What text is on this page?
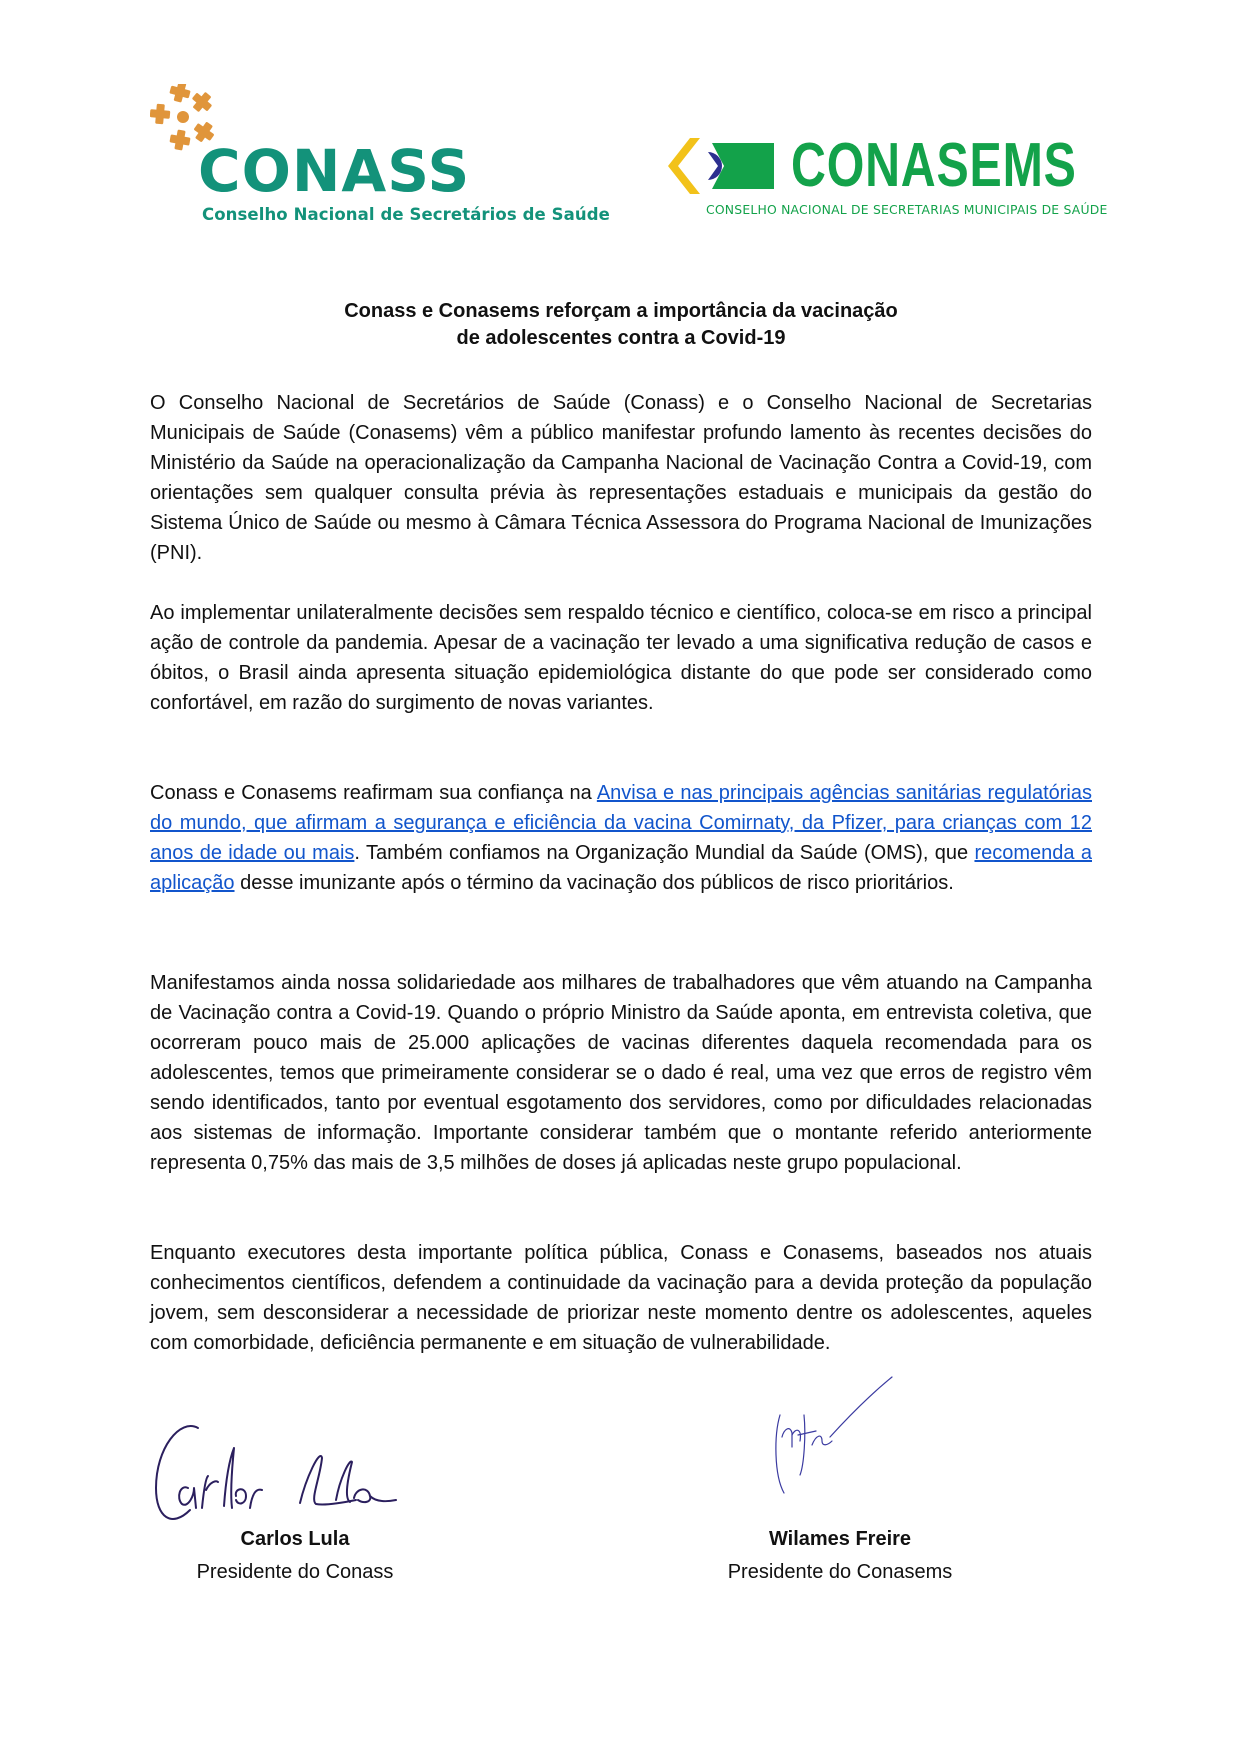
CONASS
Conselho Nacional de Secretários de Saúde
CONASEMS
CONSELHO NACIONAL DE SECRETARIAS MUNICIPAIS DE SAÚDE
Conass e Conasems reforçam a importância da vacinação
de adolescentes contra a Covid-19

O Conselho Nacional de Secretários de Saúde (Conass) e o Conselho Nacional de Secretarias Municipais de Saúde (Conasems) vêm a público manifestar profundo lamento às recentes decisões do Ministério da Saúde na operacionalização da Campanha Nacional de Vacinação Contra a Covid-19, com orientações sem qualquer consulta prévia às representações estaduais e municipais da gestão do Sistema Único de Saúde ou mesmo à Câmara Técnica Assessora do Programa Nacional de Imunizações (PNI).

Ao implementar unilateralmente decisões sem respaldo técnico e científico, coloca-se em risco a principal ação de controle da pandemia. Apesar de a vacinação ter levado a uma significativa redução de casos e óbitos, o Brasil ainda apresenta situação epidemiológica distante do que pode ser considerado como confortável, em razão do surgimento de novas variantes.

Conass e Conasems reafirmam sua confiança na Anvisa e nas principais agências sanitárias regulatórias do mundo, que afirmam a segurança e eficiência da vacina Comirnaty, da Pfizer, para crianças com 12 anos de idade ou mais. Também confiamos na Organização Mundial da Saúde (OMS), que recomenda a aplicação desse imunizante após o término da vacinação dos públicos de risco prioritários.

Manifestamos ainda nossa solidariedade aos milhares de trabalhadores que vêm atuando na Campanha de Vacinação contra a Covid-19. Quando o próprio Ministro da Saúde aponta, em entrevista coletiva, que ocorreram pouco mais de 25.000 aplicações de vacinas diferentes daquela recomendada para os adolescentes, temos que primeiramente considerar se o dado é real, uma vez que erros de registro vêm sendo identificados, tanto por eventual esgotamento dos servidores, como por dificuldades relacionadas aos sistemas de informação. Importante considerar também que o montante referido anteriormente representa 0,75% das mais de 3,5 milhões de doses já aplicadas neste grupo populacional.

Enquanto executores desta importante política pública, Conass e Conasems, baseados nos atuais conhecimentos científicos, defendem a continuidade da vacinação para a devida proteção da população jovem, sem desconsiderar a necessidade de priorizar neste momento dentre os adolescentes, aqueles com comorbidade, deficiência permanente e em situação de vulnerabilidade.

Carlos Lula
Presidente do Conass
Wilames Freire
Presidente do Conasems
